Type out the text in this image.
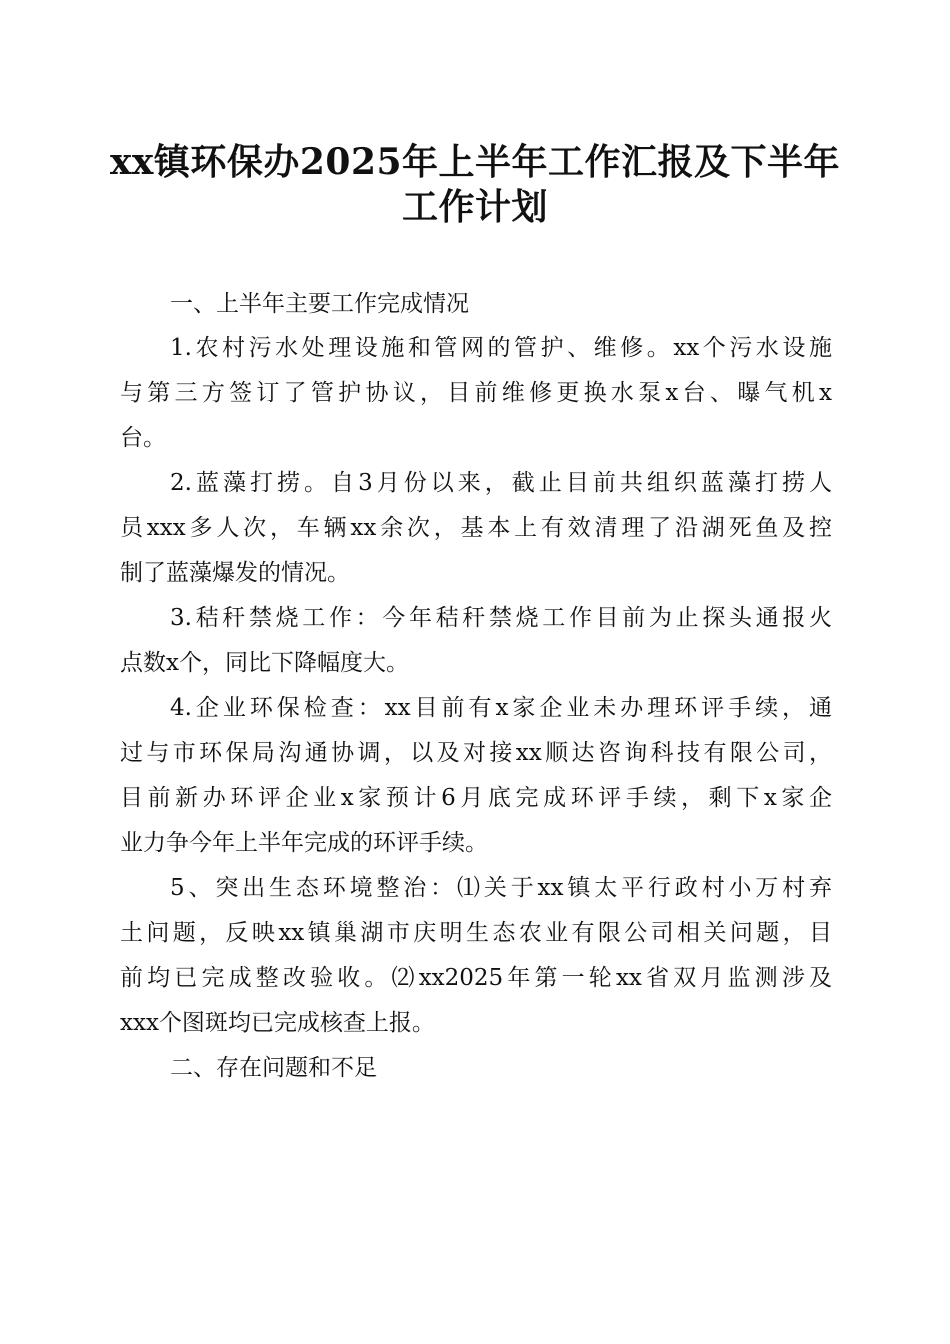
xx镇环保办2025年上半年工作汇报及下半年
工作计划
一、上半年主要工作完成情况
1.农村污水处理设施和管网的管护、维修。xx个污水设施
与第三方签订了管护协议，目前维修更换水泵x台、曝气机x
台。
2.蓝藻打捞。自3月份以来，截止目前共组织蓝藻打捞人
员xxx多人次，车辆xx余次，基本上有效清理了沿湖死鱼及控
制了蓝藻爆发的情况。
3.秸秆禁烧工作：今年秸秆禁烧工作目前为止探头通报火
点数x个，同比下降幅度大。
4.企业环保检查：xx目前有x家企业未办理环评手续，通
过与市环保局沟通协调，以及对接xx顺达咨询科技有限公司，
目前新办环评企业x家预计6月底完成环评手续，剩下x家企
业力争今年上半年完成的环评手续。
5、突出生态环境整治：⑴关于xx镇太平行政村小万村弃
土问题，反映xx镇巢湖市庆明生态农业有限公司相关问题，目
前均已完成整改验收。⑵xx2025年第一轮xx省双月监测涉及
xxx个图斑均已完成核查上报。
二、存在问题和不足
